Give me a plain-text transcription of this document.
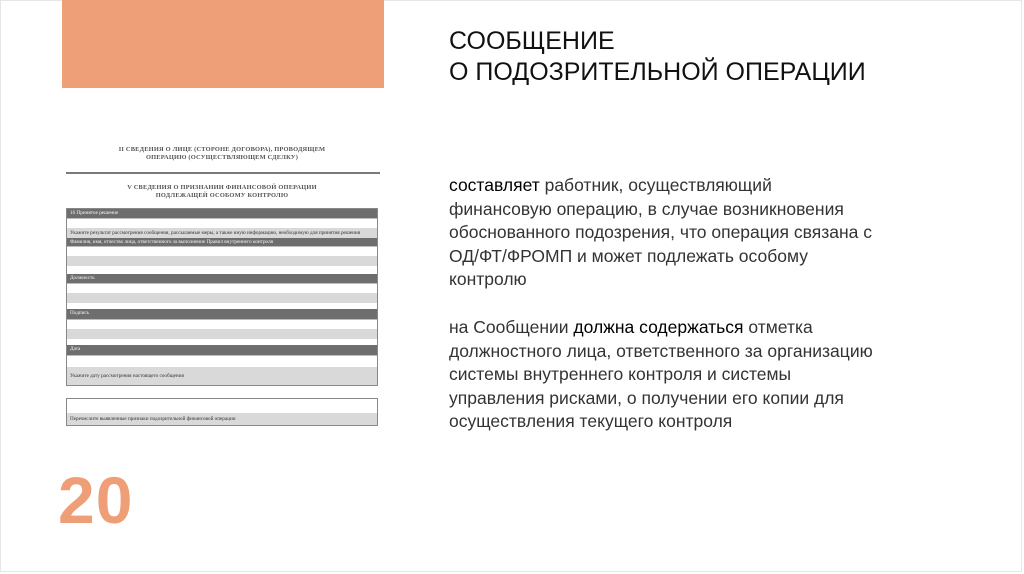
СООБЩЕНИЕ
О ПОДОЗРИТЕЛЬНОЙ ОПЕРАЦИИ
II СВЕДЕНИЯ О ЛИЦЕ (СТОРОНЕ ДОГОВОРА), ПРОВОДЯЩЕМ
ОПЕРАЦИЮ (ОСУЩЕСТВЛЯЮЩЕМ СДЕЛКУ)
V СВЕДЕНИЯ О ПРИЗНАНИИ ФИНАНСОВОЙ ОПЕРАЦИИ
ПОДЛЕЖАЩЕЙ ОСОБОМУ КОНТРОЛЮ
16 Принятое решение
Укажите результат рассмотрения сообщения, рассылаемые меры, а также иную информацию, необходимую для принятия решения
Фамилия, имя, отчество лица, ответственного за выполнение Правил внутреннего контроля
Должность
Подпись
Дата
Укажите дату рассмотрения настоящего сообщения
Перечислите выявленные признаки подозрительной финансовой операции
составляет работник, осуществляющий финансовую операцию, в случае возникновения обоснованного подозрения, что операция связана с ОД/ФТ/ФРОМП и может подлежать особому контролю
на Сообщении должна содержаться отметка должностного лица, ответственного за организацию системы внутреннего контроля и системы управления рисками, о получении его копии для осуществления текущего контроля
20
